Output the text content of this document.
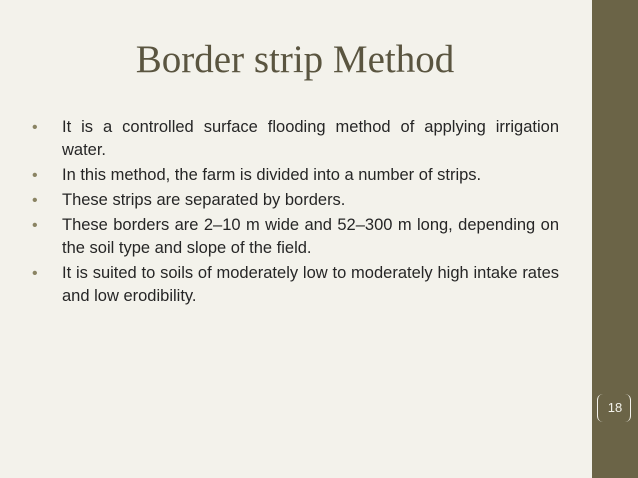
Border strip Method
•	It is a controlled surface flooding method of applying irrigation water.
•	In this method, the farm is divided into a number of strips.
•	These strips are separated by borders.
•	These borders are 2–10 m wide and 52–300 m long, depending on the soil type and slope of the field.
•	It is suited to soils of moderately low to moderately high intake rates and low erodibility.
18
